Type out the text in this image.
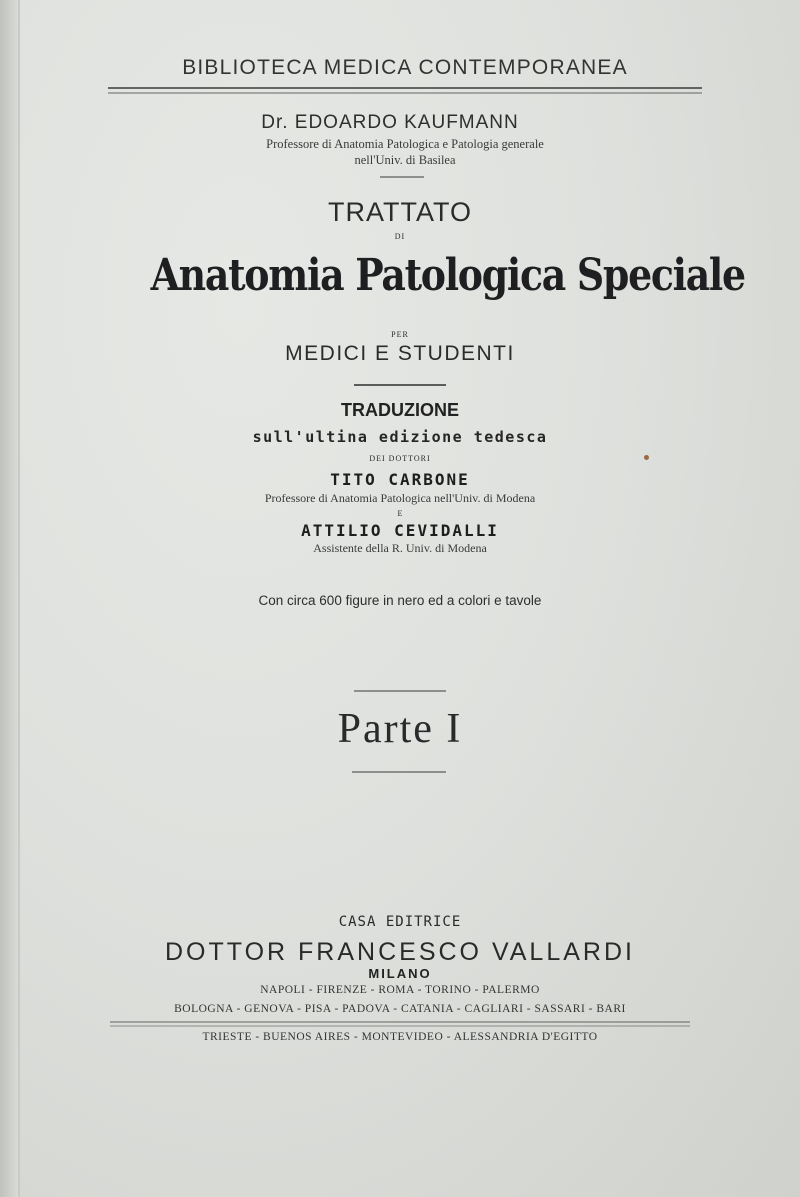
BIBLIOTECA MEDICA CONTEMPORANEA
Dr. EDOARDO KAUFMANN
Professore di Anatomia Patologica e Patologia generale
nell'Univ. di Basilea
TRATTATO
DI
Anatomia Patologica Speciale
PER
MEDICI E STUDENTI
TRADUZIONE
sull'ultina edizione tedesca
DEI DOTTORI
TITO CARBONE
Professore di Anatomia Patologica nell'Univ. di Modena
E
ATTILIO CEVIDALLI
Assistente della R. Univ. di Modena
Con circa 600 figure in nero ed a colori e tavole
Parte I
CASA EDITRICE
DOTTOR FRANCESCO VALLARDI
MILANO
NAPOLI - FIRENZE - ROMA - TORINO - PALERMO
BOLOGNA - GENOVA - PISA - PADOVA - CATANIA - CAGLIARI - SASSARI - BARI
TRIESTE - BUENOS AIRES - MONTEVIDEO - ALESSANDRIA D'EGITTO
